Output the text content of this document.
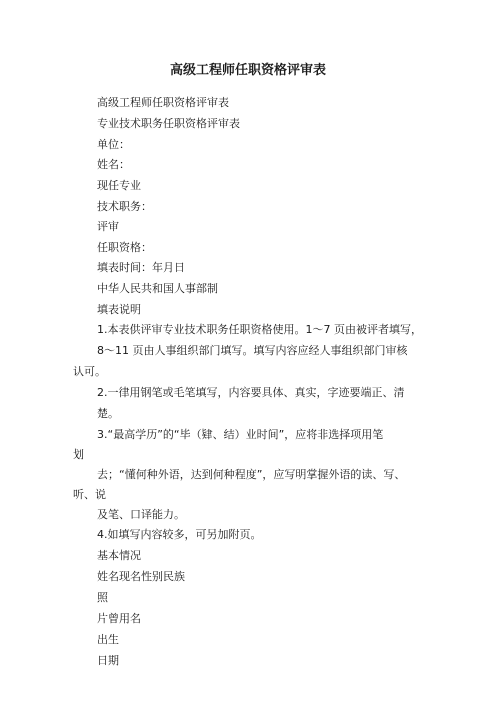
高级工程师任职资格评审表
高级工程师任职资格评审表
专业技术职务任职资格评审表
单位：
姓名：
现任专业
技术职务：
评审
任职资格：
填表时间：年月日
中华人民共和国人事部制
填表说明
1.本表供评审专业技术职务任职资格使用。1～7 页由被评者填写，
8～11 页由人事组织部门填写。填写内容应经人事组织部门审核
认可。
2.一律用钢笔或毛笔填写，内容要具体、真实，字迹要端正、清
楚。
3.“最高学历”的“毕（肄、结）业时间”，应将非选择项用笔
划
去；“懂何种外语，达到何种程度”，应写明掌握外语的读、写、
听、说
及笔、口译能力。
4.如填写内容较多，可另加附页。
基本情况
姓名现名性别民族
照
片曾用名
出生
日期
